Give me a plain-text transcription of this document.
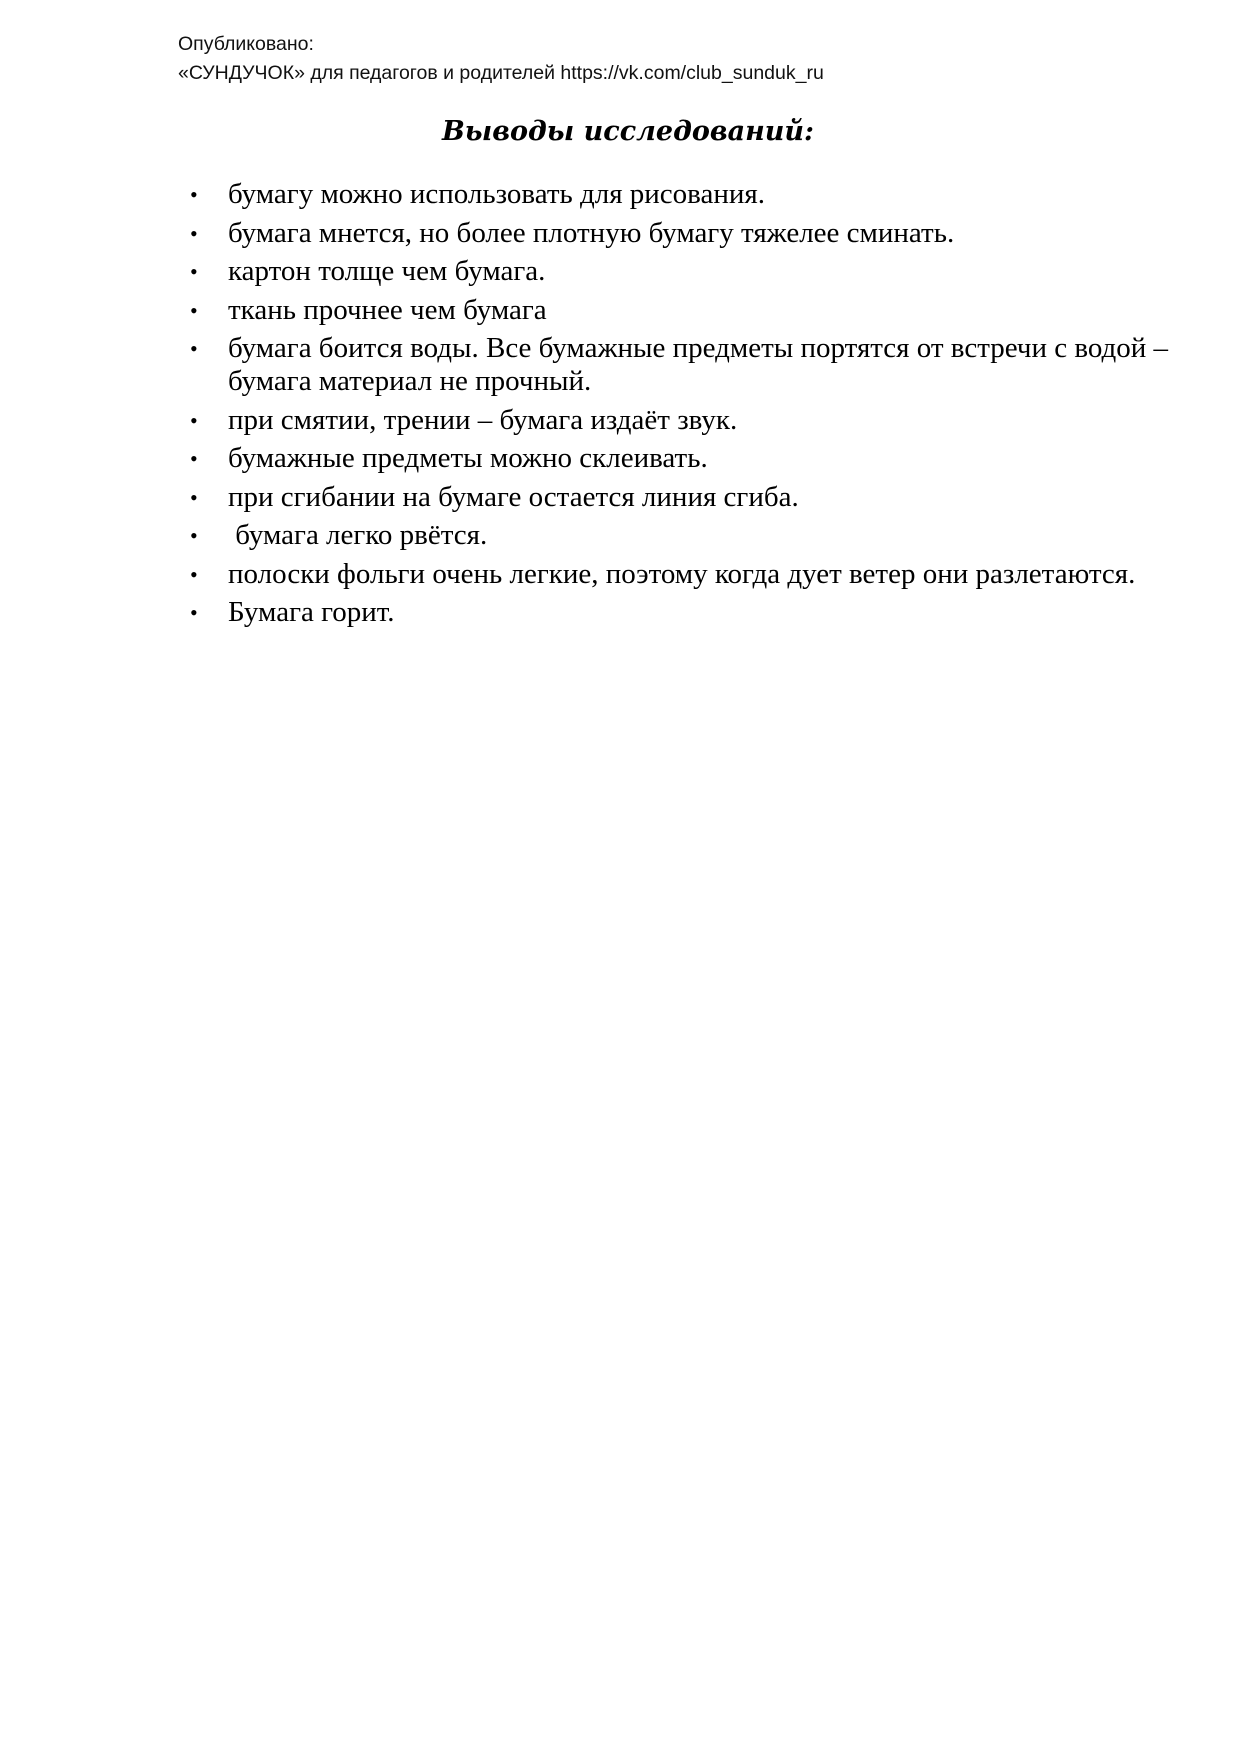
Опубликовано:
«СУНДУЧОК» для педагогов и родителей https://vk.com/club_sunduk_ru
Выводы исследований:
• бумагу можно использовать для рисования.
• бумага мнется, но более плотную бумагу тяжелее сминать.
• картон толще чем бумага.
• ткань прочнее чем бумага
• бумага боится воды. Все бумажные предметы портятся от встречи с водой – бумага материал не прочный.
• при смятии, трении – бумага издаёт звук.
• бумажные предметы можно склеивать.
• при сгибании на бумаге остается линия сгиба.
• бумага легко рвётся.
• полоски фольги очень легкие, поэтому когда дует ветер они разлетаются.
• Бумага горит.
